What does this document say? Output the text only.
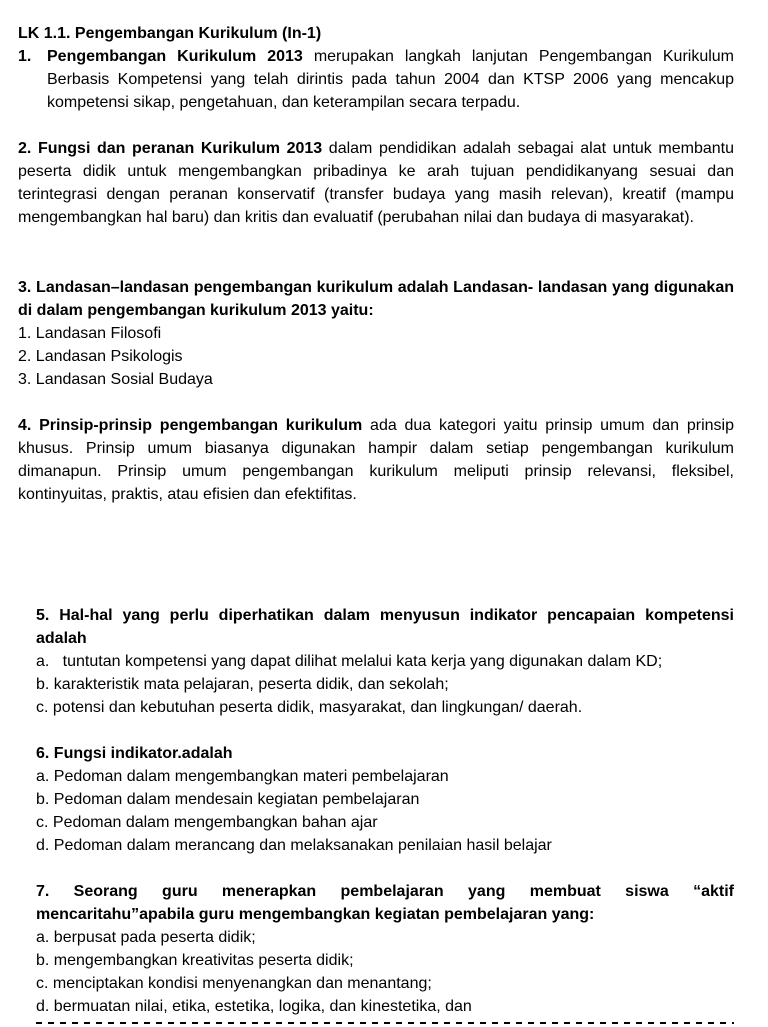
LK 1.1. Pengembangan Kurikulum (In-1)
1. Pengembangan Kurikulum 2013 merupakan langkah lanjutan Pengembangan Kurikulum Berbasis Kompetensi yang telah dirintis pada tahun 2004 dan KTSP 2006 yang mencakup kompetensi sikap, pengetahuan, dan keterampilan secara terpadu.

2. Fungsi dan peranan Kurikulum 2013 dalam pendidikan adalah sebagai alat untuk membantu peserta didik untuk mengembangkan pribadinya ke arah tujuan pendidikanyang sesuai dan terintegrasi dengan peranan konservatif (transfer budaya yang masih relevan), kreatif (mampu mengembangkan hal baru) dan kritis dan evaluatif (perubahan nilai dan budaya di masyarakat).

3. Landasan–landasan pengembangan kurikulum adalah Landasan- landasan yang digunakan di dalam pengembangan kurikulum 2013 yaitu:

1. Landasan Filosofi

2. Landasan Psikologis

3. Landasan Sosial Budaya

4. Prinsip-prinsip pengembangan kurikulum ada dua kategori yaitu prinsip umum dan prinsip khusus. Prinsip umum biasanya digunakan hampir dalam setiap pengembangan kurikulum dimanapun. Prinsip umum pengembangan kurikulum meliputi prinsip relevansi, fleksibel, kontinyuitas, praktis, atau efisien dan efektifitas.

5. Hal-hal yang perlu diperhatikan dalam menyusun indikator pencapaian kompetensi adalah

a.   tuntutan kompetensi yang dapat dilihat melalui kata kerja yang digunakan dalam KD;

b. karakteristik mata pelajaran, peserta didik, dan sekolah;

c. potensi dan kebutuhan peserta didik, masyarakat, dan lingkungan/ daerah.

6. Fungsi indikator.adalah

a. Pedoman dalam mengembangkan materi pembelajaran

b. Pedoman dalam mendesain kegiatan pembelajaran

c. Pedoman dalam mengembangkan bahan ajar

d. Pedoman dalam merancang dan melaksanakan penilaian hasil belajar

7. Seorang guru menerapkan pembelajaran yang membuat siswa “aktif mencaritahu”apabila guru mengembangkan kegiatan pembelajaran yang:

a. berpusat pada peserta didik;

b. mengembangkan kreativitas peserta didik;

c. menciptakan kondisi menyenangkan dan menantang;

d. bermuatan nilai, etika, estetika, logika, dan kinestetika, dan
